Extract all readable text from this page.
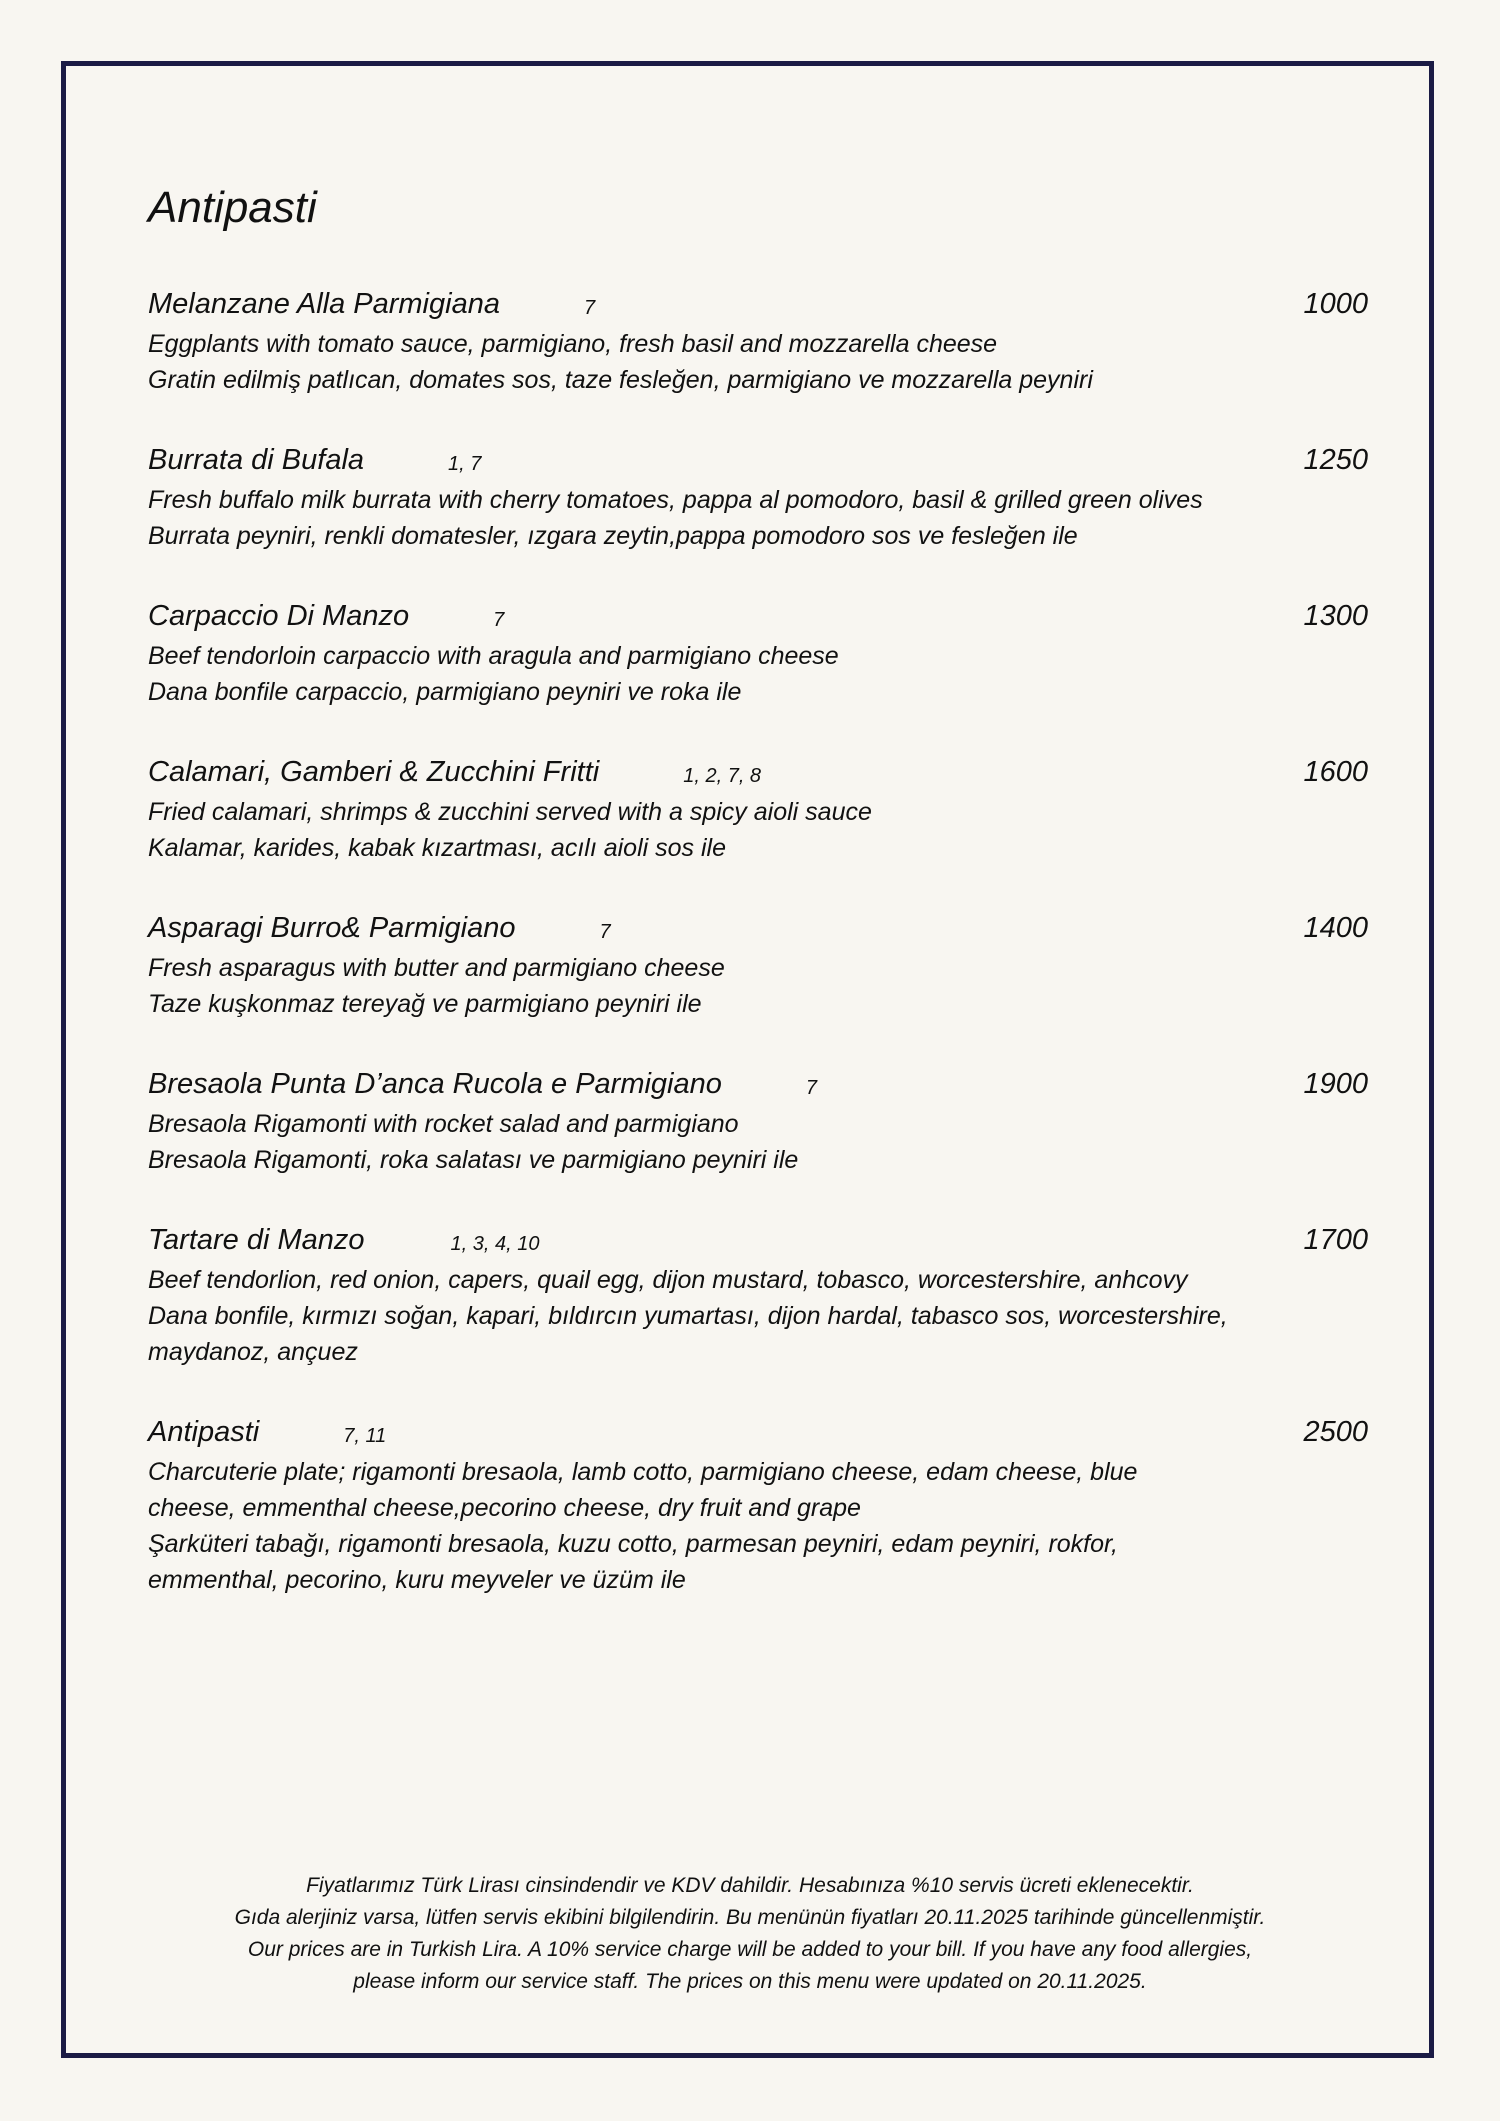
Antipasti
Melanzane Alla Parmigiana	7	1000
Eggplants with tomato sauce, parmigiano, fresh basil and mozzarella cheese
Gratin edilmiş patlıcan, domates sos, taze fesleğen, parmigiano ve mozzarella peyniri
Burrata di Bufala	1, 7	1250
Fresh buffalo milk burrata with cherry tomatoes, pappa al pomodoro, basil & grilled green olives
Burrata peyniri, renkli domatesler, ızgara zeytin,pappa pomodoro sos ve fesleğen ile
Carpaccio Di Manzo	7	1300
Beef tendorloin carpaccio with aragula and parmigiano cheese
Dana bonfile carpaccio, parmigiano peyniri ve roka ile
Calamari, Gamberi & Zucchini Fritti	1, 2, 7, 8	1600
Fried calamari, shrimps & zucchini served with a spicy aioli sauce
Kalamar, karides, kabak kızartması, acılı aioli sos ile
Asparagi Burro& Parmigiano	7	1400
Fresh asparagus with butter and parmigiano cheese
Taze kuşkonmaz tereyağ ve parmigiano peyniri ile
Bresaola Punta D’anca Rucola e Parmigiano	7	1900
Bresaola Rigamonti with rocket salad and parmigiano
Bresaola Rigamonti, roka salatası ve parmigiano peyniri ile
Tartare di Manzo	1, 3, 4, 10	1700
Beef tendorlion, red onion, capers, quail egg, dijon mustard, tobasco, worcestershire, anhcovy
Dana bonfile, kırmızı soğan, kapari, bıldırcın yumartası, dijon hardal, tabasco sos, worcestershire, maydanoz, ançuez
Antipasti	7, 11	2500
Charcuterie plate; rigamonti bresaola, lamb cotto, parmigiano cheese, edam cheese, blue cheese, emmenthal cheese,pecorino cheese, dry fruit and grape
Şarküteri tabağı, rigamonti bresaola, kuzu cotto, parmesan peyniri, edam peyniri, rokfor, emmenthal, pecorino, kuru meyveler ve üzüm ile
Fiyatlarımız Türk Lirası cinsindendir ve KDV dahildir. Hesabınıza %10 servis ücreti eklenecektir.
Gıda alerjiniz varsa, lütfen servis ekibini bilgilendirin. Bu menünün fiyatları 20.11.2025 tarihinde güncellenmiştir.
Our prices are in Turkish Lira. A 10% service charge will be added to your bill. If you have any food allergies,
please inform our service staff. The prices on this menu were updated on 20.11.2025.
